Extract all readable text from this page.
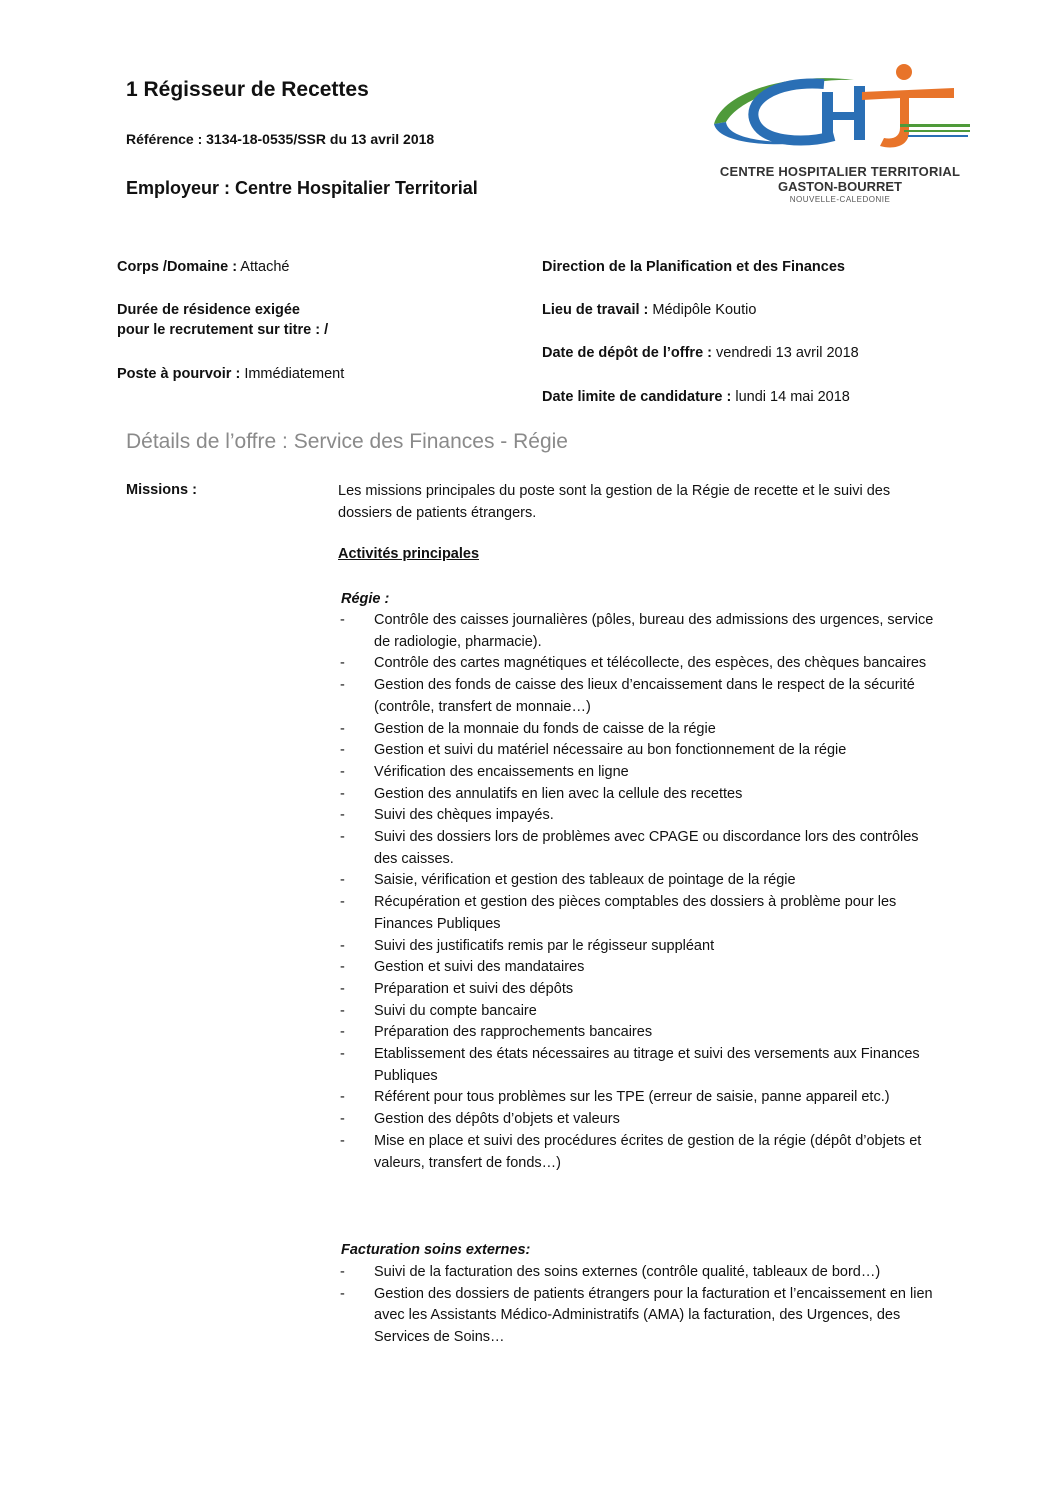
1 Régisseur de Recettes
Référence : 3134-18-0535/SSR du 13 avril 2018
Employeur : Centre Hospitalier Territorial
CENTRE HOSPITALIER TERRITORIAL
GASTON-BOURRET
NOUVELLE-CALEDONIE
Corps /Domaine : Attaché
Durée de résidence exigée
pour le recrutement sur titre : /
Poste à pourvoir : Immédiatement
Direction de la Planification et des Finances
Lieu de travail : Médipôle Koutio
Date de dépôt de l’offre : vendredi 13 avril 2018
Date limite de candidature : lundi 14 mai 2018
Détails de l’offre : Service des Finances - Régie
Missions :	Les missions principales du poste sont la gestion de la Régie de recette et le suivi des dossiers de patients étrangers.
Activités principales
Régie :
- Contrôle des caisses journalières (pôles, bureau des admissions des urgences, service de radiologie, pharmacie).
- Contrôle des cartes magnétiques et télécollecte, des espèces, des chèques bancaires
- Gestion des fonds de caisse des lieux d’encaissement dans le respect de la sécurité (contrôle, transfert de monnaie…)
- Gestion de la monnaie du fonds de caisse de la régie
- Gestion et suivi du matériel nécessaire au bon fonctionnement de la régie
- Vérification des encaissements en ligne
- Gestion des annulatifs en lien avec la cellule des recettes
- Suivi des chèques impayés.
- Suivi des dossiers lors de problèmes avec CPAGE ou discordance lors des contrôles des caisses.
- Saisie, vérification et gestion des tableaux de pointage de la régie
- Récupération et gestion des pièces comptables des dossiers à problème pour les Finances Publiques
- Suivi des justificatifs remis par le régisseur suppléant
- Gestion et suivi des mandataires
- Préparation et suivi des dépôts
- Suivi du compte bancaire
- Préparation des rapprochements bancaires
- Etablissement des états nécessaires au titrage et suivi des versements aux Finances Publiques
- Référent pour tous problèmes sur les TPE (erreur de saisie, panne appareil etc.)
- Gestion des dépôts d’objets et valeurs
- Mise en place et suivi des procédures écrites de gestion de la régie (dépôt d’objets et valeurs, transfert de fonds…)
Facturation soins externes:
- Suivi de la facturation des soins externes (contrôle qualité, tableaux de bord…)
- Gestion des dossiers de patients étrangers pour la facturation et l’encaissement en lien avec les Assistants Médico-Administratifs (AMA) la facturation, des Urgences, des Services de Soins…
